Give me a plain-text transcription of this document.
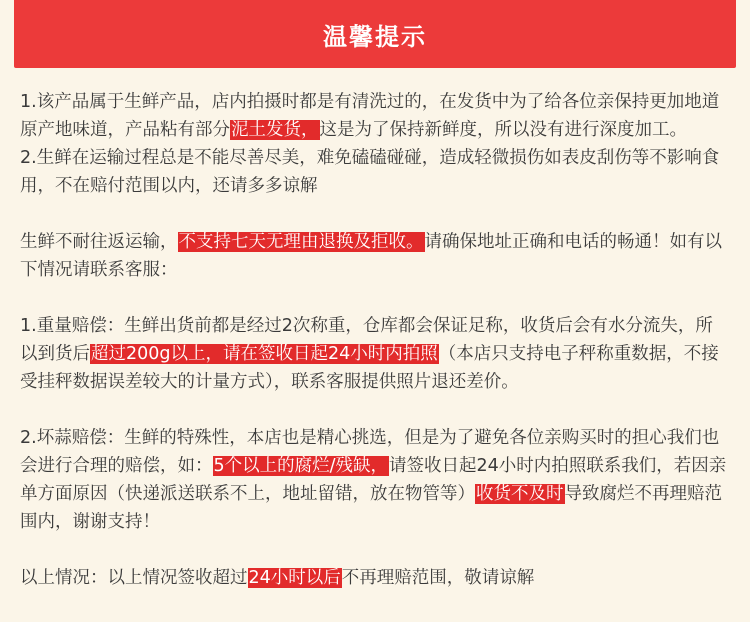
温馨提示

1.该产品属于生鲜产品，店内拍摄时都是有清洗过的，在发货中为了给各位亲保持更加地道原产地味道，产品粘有部分泥土发货，这是为了保持新鲜度，所以没有进行深度加工。

2.生鲜在运输过程总是不能尽善尽美，难免磕磕碰碰，造成轻微损伤如表皮刮伤等不影响食用，不在赔付范围以内，还请多多谅解

生鲜不耐往返运输，不支持七天无理由退换及拒收。请确保地址正确和电话的畅通！如有以下情况请联系客服：

1.重量赔偿：生鲜出货前都是经过2次称重，仓库都会保证足称，收货后会有水分流失，所以到货后超过200g以上，请在签收日起24小时内拍照（本店只支持电子秤称重数据，不接受挂秤数据误差较大的计量方式），联系客服提供照片退还差价。

2.坏蒜赔偿：生鲜的特殊性，本店也是精心挑选，但是为了避免各位亲购买时的担心我们也会进行合理的赔偿，如：5个以上的腐烂/残缺，请签收日起24小时内拍照联系我们，若因亲单方面原因（快递派送联系不上，地址留错，放在物管等）收货不及时导致腐烂不再理赔范围内，谢谢支持！

以上情况：以上情况签收超过24小时以后不再理赔范围，敬请谅解
